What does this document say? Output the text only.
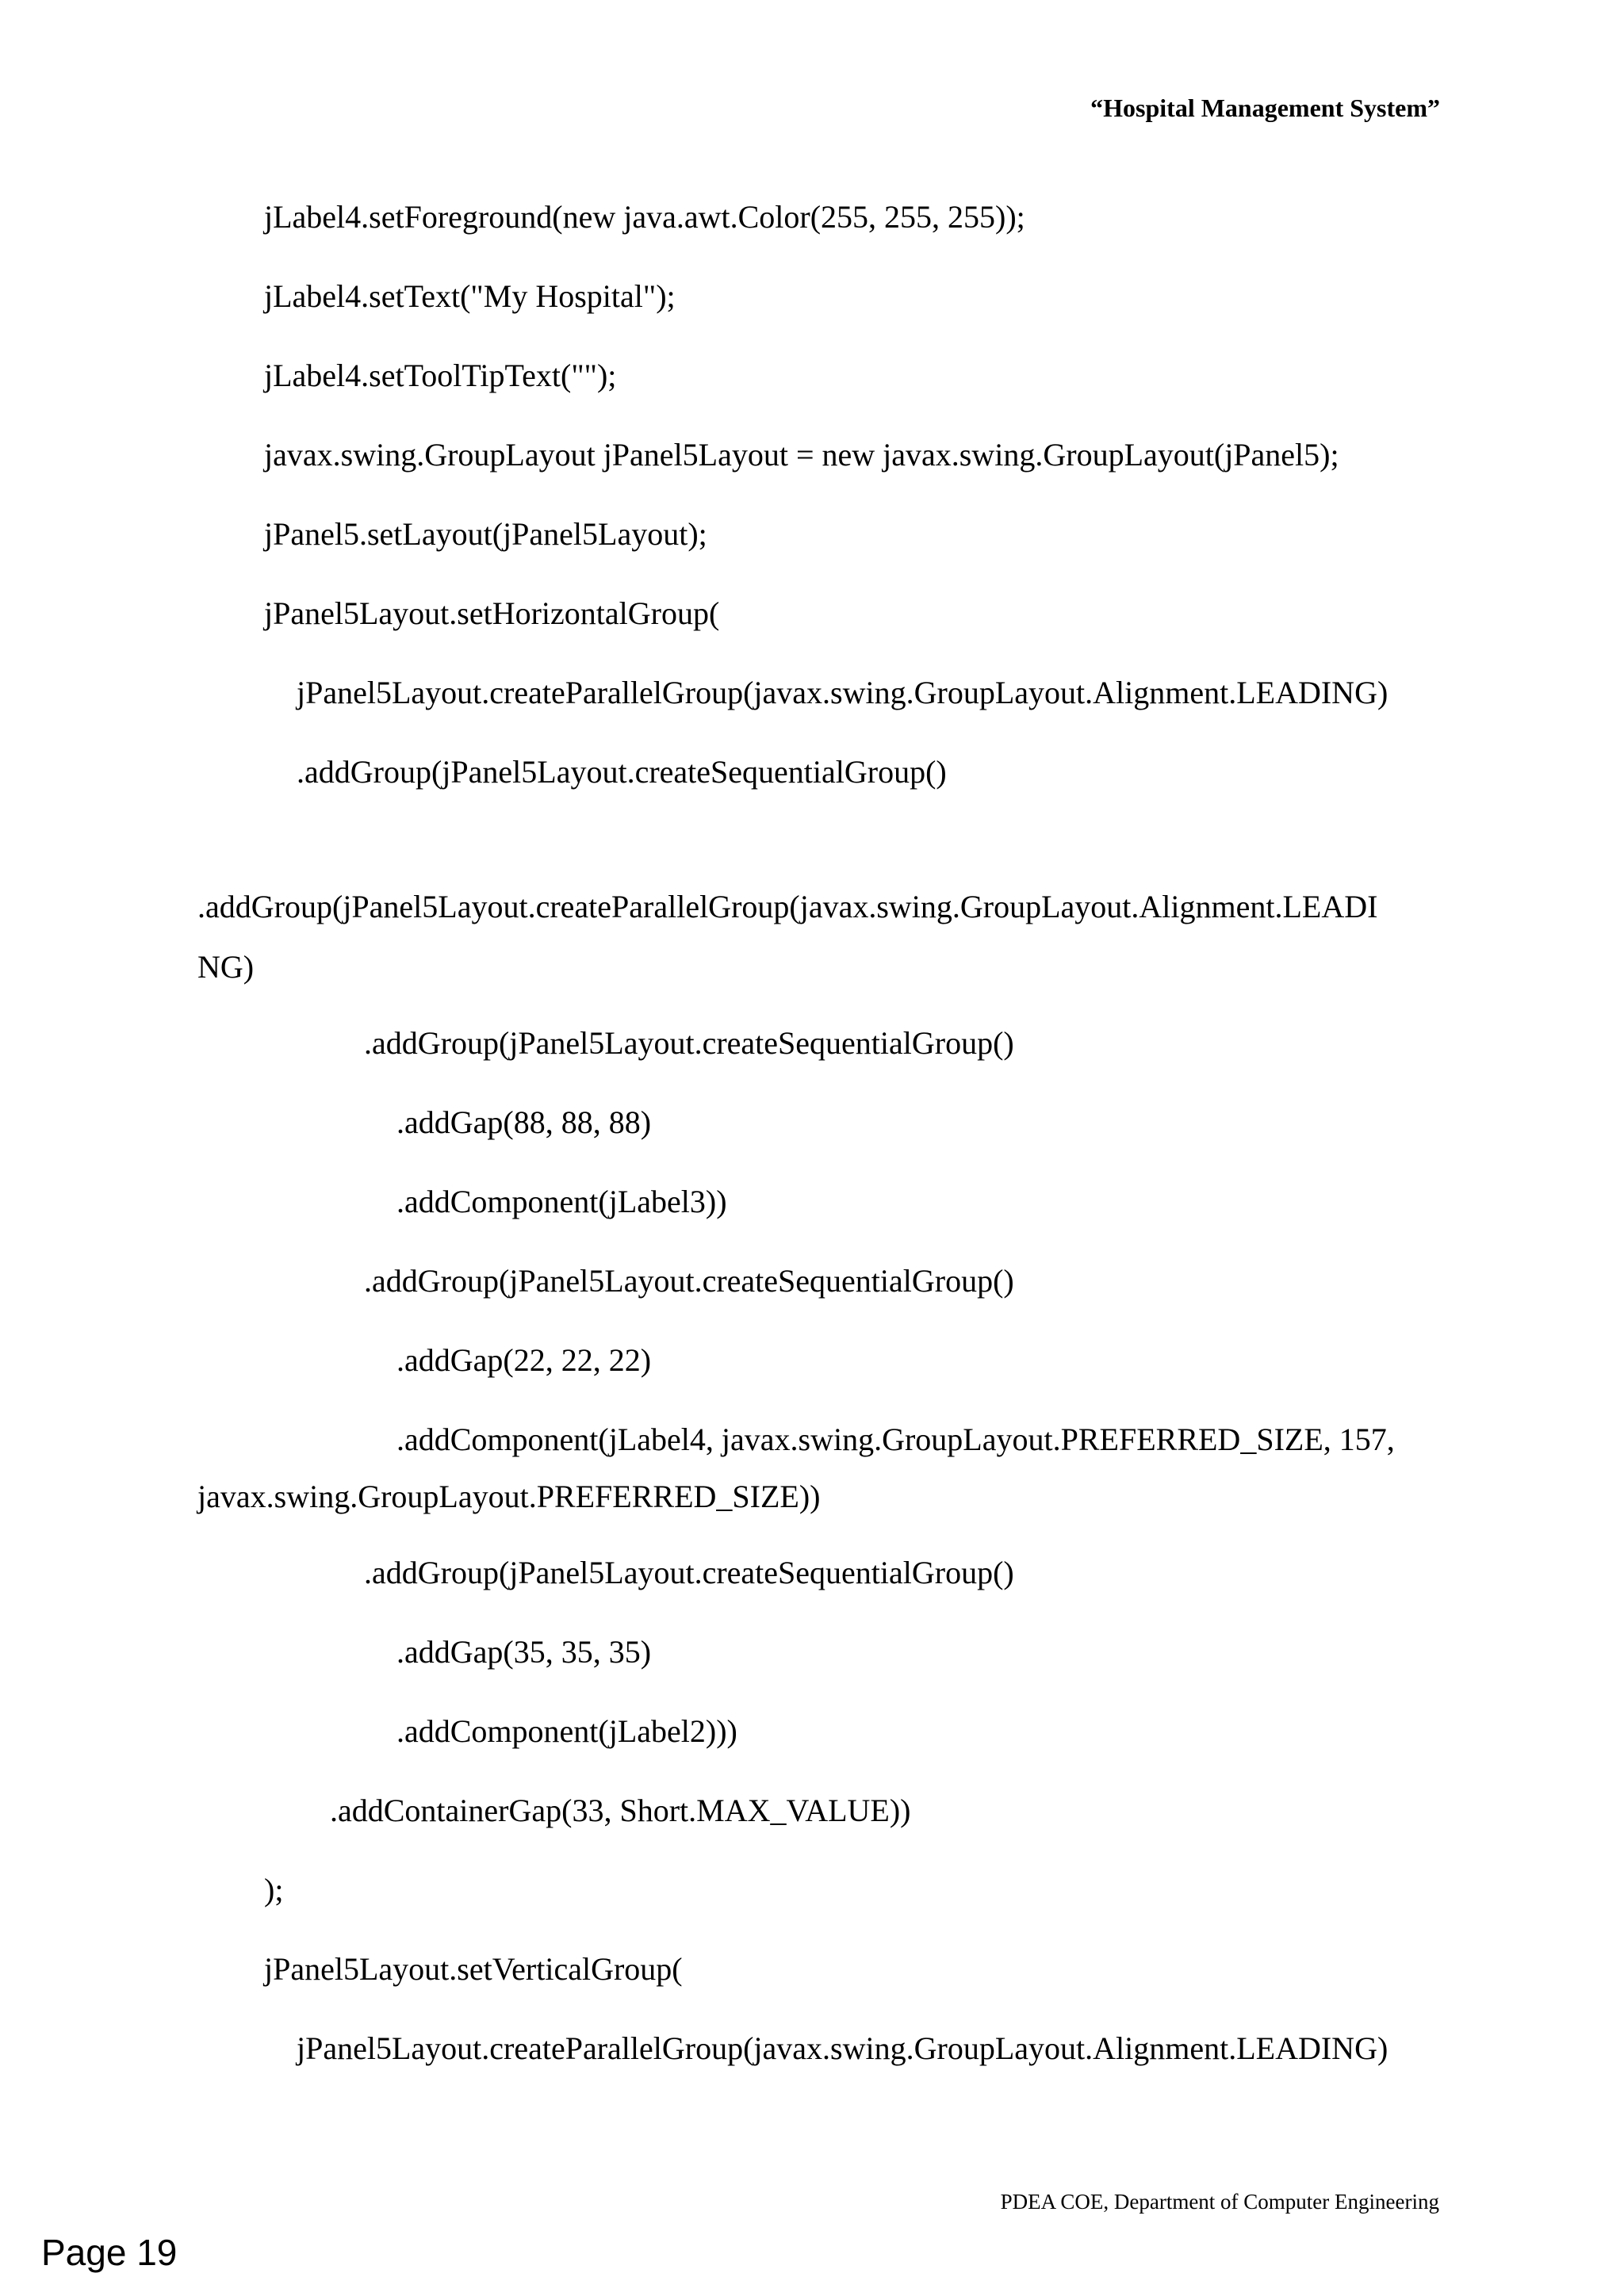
“Hospital Management System”
jLabel4.setForeground(new java.awt.Color(255, 255, 255));
jLabel4.setText("My Hospital");
jLabel4.setToolTipText("");
javax.swing.GroupLayout jPanel5Layout = new javax.swing.GroupLayout(jPanel5);
jPanel5.setLayout(jPanel5Layout);
jPanel5Layout.setHorizontalGroup(
jPanel5Layout.createParallelGroup(javax.swing.GroupLayout.Alignment.LEADING)
.addGroup(jPanel5Layout.createSequentialGroup()
.addGroup(jPanel5Layout.createParallelGroup(javax.swing.GroupLayout.Alignment.LEADI
NG)
.addGroup(jPanel5Layout.createSequentialGroup()
.addGap(88, 88, 88)
.addComponent(jLabel3))
.addGroup(jPanel5Layout.createSequentialGroup()
.addGap(22, 22, 22)
.addComponent(jLabel4, javax.swing.GroupLayout.PREFERRED_SIZE, 157,
javax.swing.GroupLayout.PREFERRED_SIZE))
.addGroup(jPanel5Layout.createSequentialGroup()
.addGap(35, 35, 35)
.addComponent(jLabel2)))
.addContainerGap(33, Short.MAX_VALUE))
);
jPanel5Layout.setVerticalGroup(
jPanel5Layout.createParallelGroup(javax.swing.GroupLayout.Alignment.LEADING)
PDEA COE, Department of Computer Engineering
Page 19
